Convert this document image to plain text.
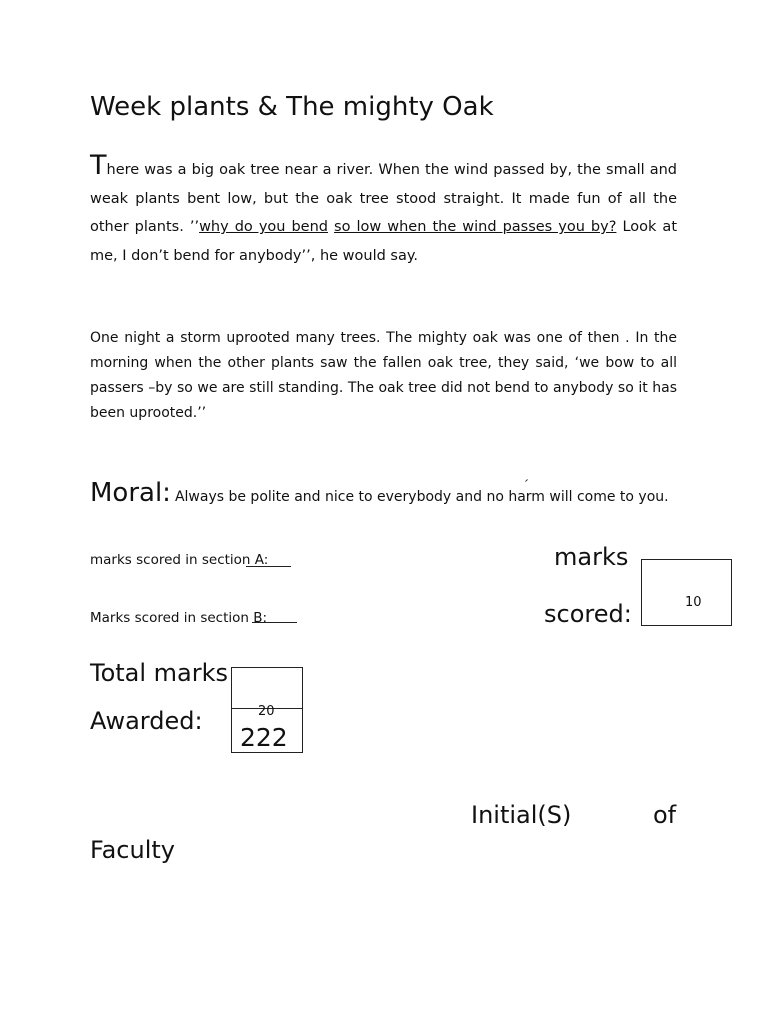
Week plants & The mighty Oak
There was a big oak tree near a river. When the wind passed by, the small and weak plants bent low, but the oak tree stood straight. It made fun of all the other plants. ’’why do you bend so low when the wind passes you by? Look at me, I don’t bend for anybody’’, he would say.
One night a storm uprooted many trees. The mighty oak was one of then . In the morning when the other plants saw the fallen oak tree, they said, ‘we bow to all passers –by so we are still standing. The oak tree did not bend to anybody so it has been uprooted.’’
Moral: Always be polite and nice to everybody and no harm will come to you.
marks scored in section A:
Marks scored in section B:
marks
scored:	10
Total marks
Awarded:	20
222
Initial(S)	of
Faculty
